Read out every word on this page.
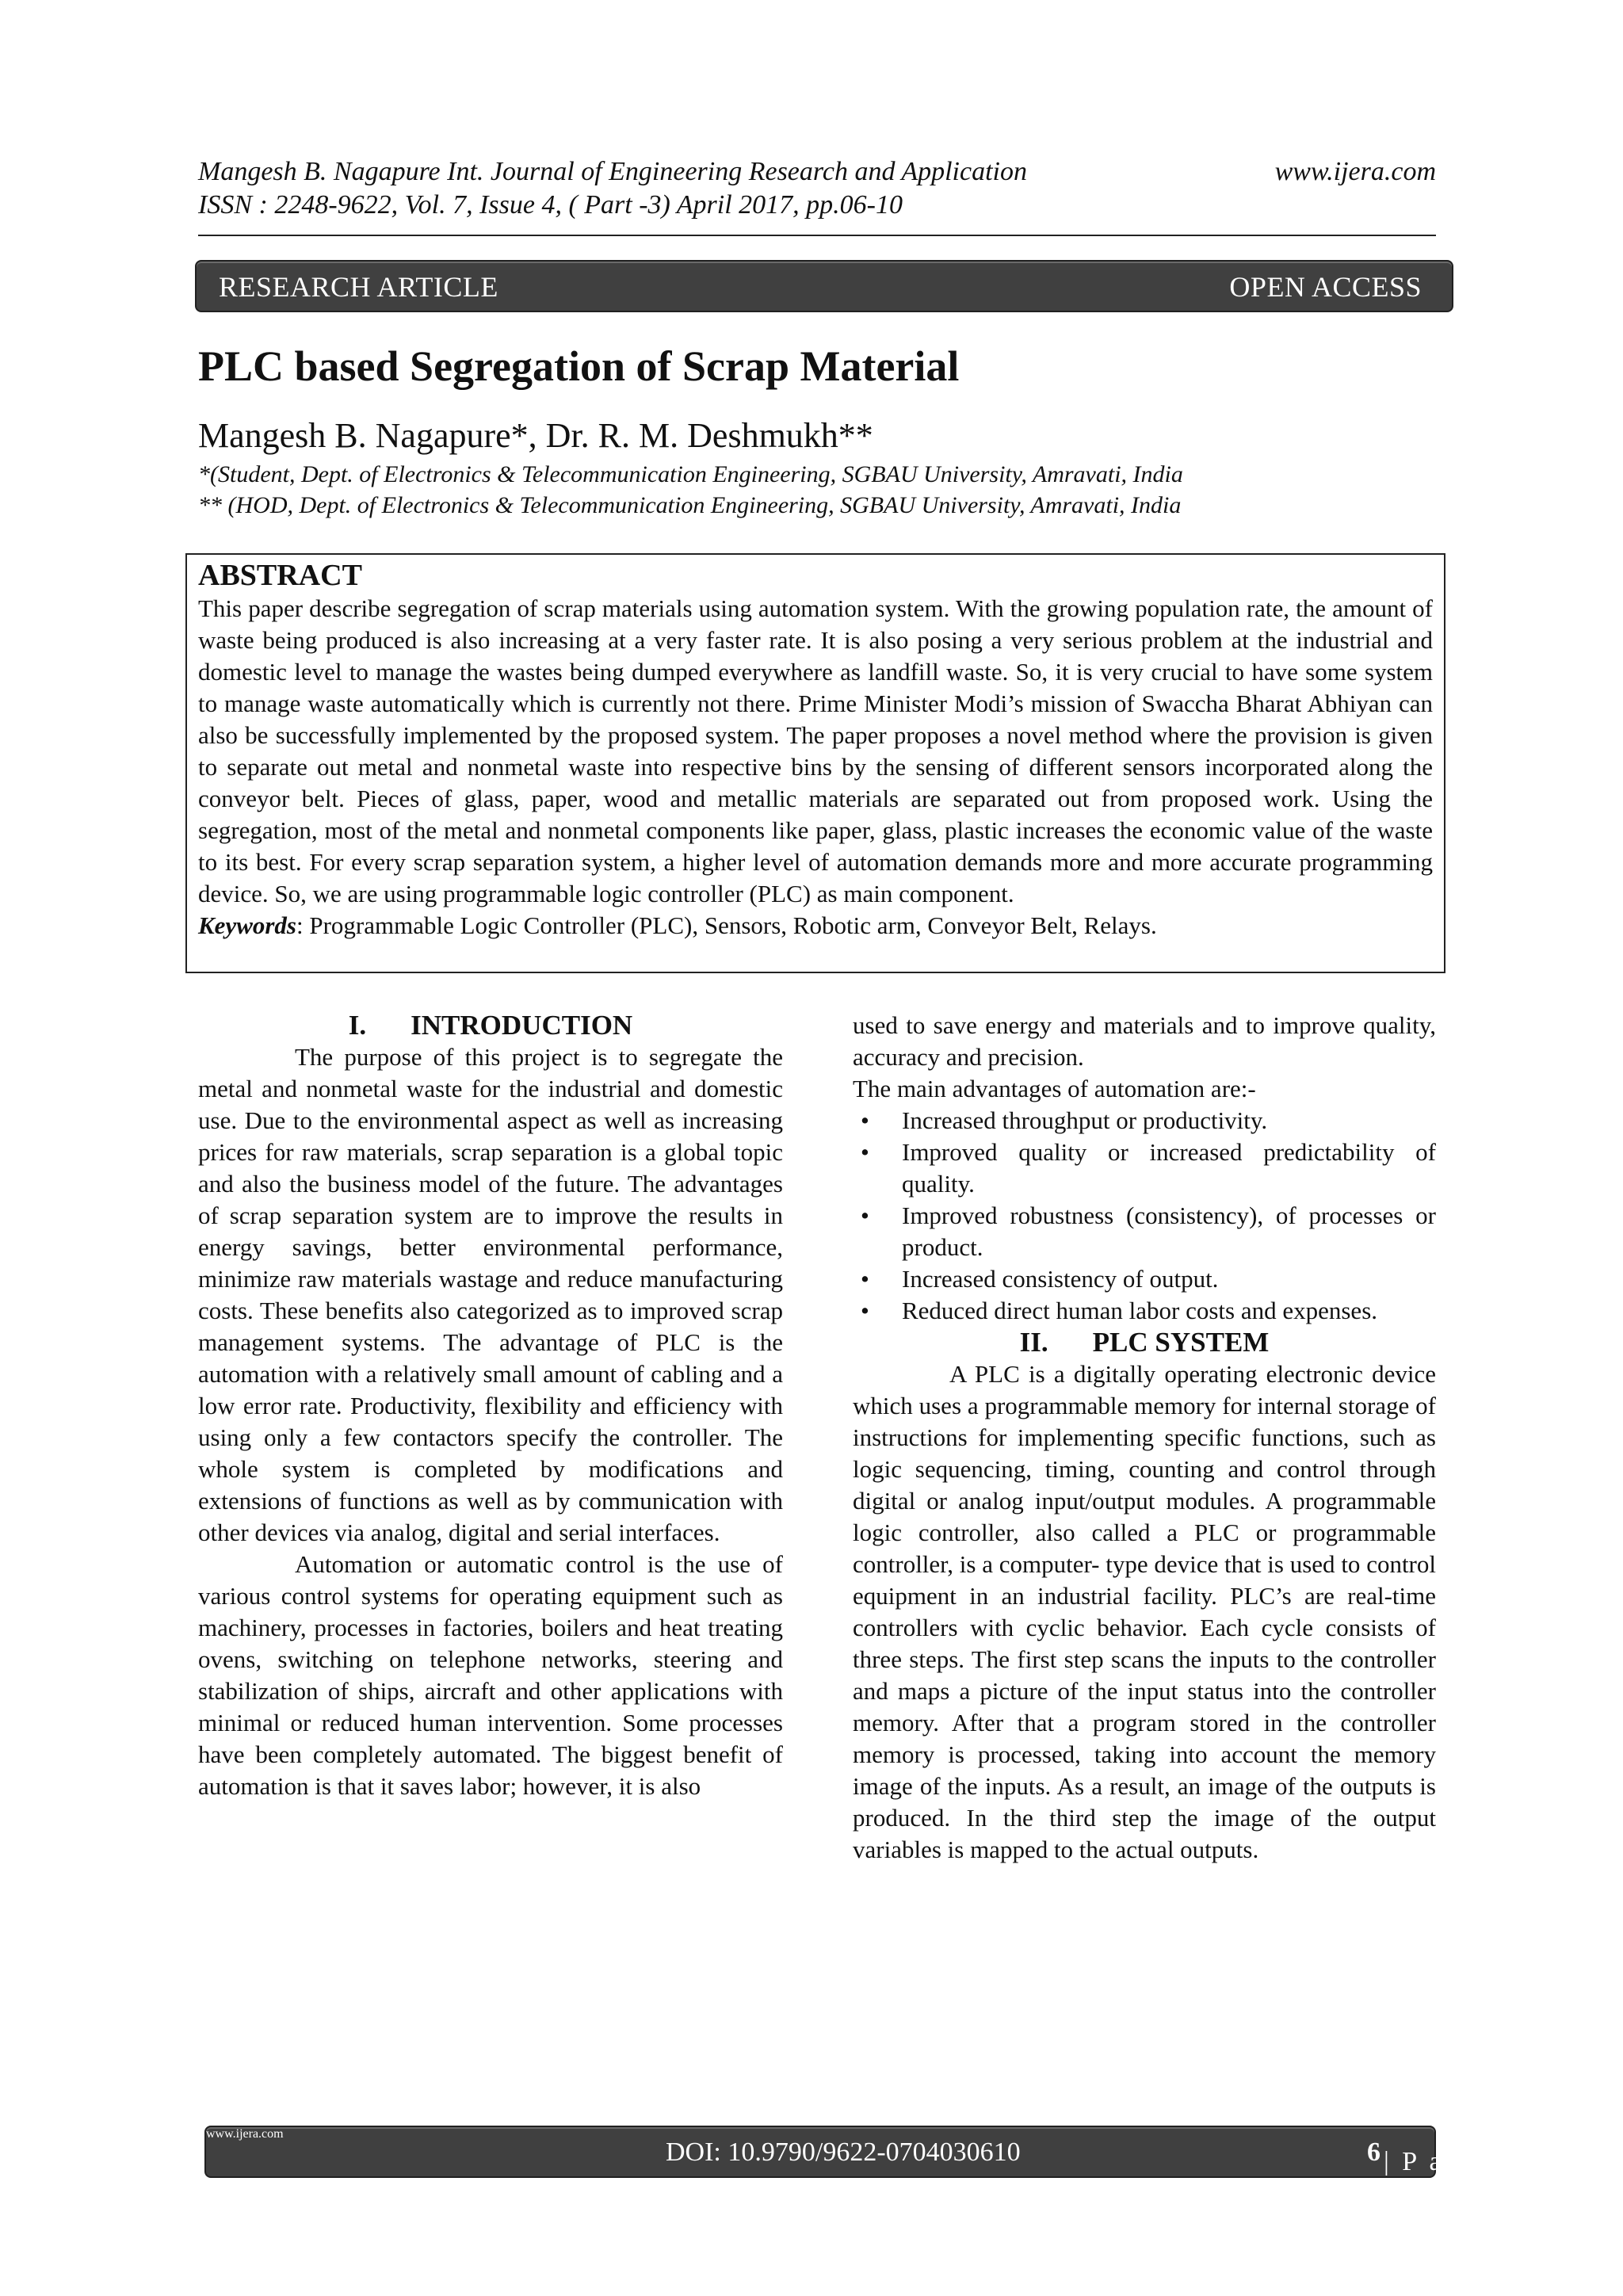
Mangesh B. Nagapure Int. Journal of Engineering Research and Application
ISSN : 2248-9622, Vol. 7, Issue 4, ( Part -3) April 2017, pp.06-10
www.ijera.com
RESEARCH ARTICLE	OPEN ACCESS
PLC based Segregation of Scrap Material
Mangesh B. Nagapure*, Dr. R. M. Deshmukh**
*(Student, Dept. of Electronics & Telecommunication Engineering, SGBAU University, Amravati, India
** (HOD, Dept. of Electronics & Telecommunication Engineering, SGBAU University, Amravati, India
ABSTRACT

This paper describe segregation of scrap materials using automation system. With the growing population rate, the amount of waste being produced is also increasing at a very faster rate. It is also posing a very serious problem at the industrial and domestic level to manage the wastes being dumped everywhere as landfill waste. So, it is very crucial to have some system to manage waste automatically which is currently not there. Prime Minister Modi’s mission of Swaccha Bharat Abhiyan can also be successfully implemented by the proposed system. The paper proposes a novel method where the provision is given to separate out metal and nonmetal waste into respective bins by the sensing of different sensors incorporated along the conveyor belt. Pieces of glass, paper, wood and metallic materials are separated out from proposed work. Using the segregation, most of the metal and nonmetal components like paper, glass, plastic increases the economic value of the waste to its best. For every scrap separation system, a higher level of automation demands more and more accurate programming device. So, we are using programmable logic controller (PLC) as main component.

Keywords: Programmable Logic Controller (PLC), Sensors, Robotic arm, Conveyor Belt, Relays.

I. INTRODUCTION

The purpose of this project is to segregate the metal and nonmetal waste for the industrial and domestic use. Due to the environmental aspect as well as increasing prices for raw materials, scrap separation is a global topic and also the business model of the future. The advantages of scrap separation system are to improve the results in energy savings, better environmental performance, minimize raw materials wastage and reduce manufacturing costs. These benefits also categorized as to improved scrap management systems. The advantage of PLC is the automation with a relatively small amount of cabling and a low error rate. Productivity, flexibility and efficiency with using only a few contactors specify the controller. The whole system is completed by modifications and extensions of functions as well as by communication with other devices via analog, digital and serial interfaces.

Automation or automatic control is the use of various control systems for operating equipment such as machinery, processes in factories, boilers and heat treating ovens, switching on telephone networks, steering and stabilization of ships, aircraft and other applications with minimal or reduced human intervention. Some processes have been completely automated. The biggest benefit of automation is that it saves labor; however, it is also

used to save energy and materials and to improve quality, accuracy and precision.

The main advantages of automation are:-

• Increased throughput or productivity.
• Improved quality or increased predictability of quality.
• Improved robustness (consistency), of processes or product.
• Increased consistency of output.
• Reduced direct human labor costs and expenses.

II. PLC SYSTEM

A PLC is a digitally operating electronic device which uses a programmable memory for internal storage of instructions for implementing specific functions, such as logic sequencing, timing, counting and control through digital or analog input/output modules. A programmable logic controller, also called a PLC or programmable controller, is a computer- type device that is used to control equipment in an industrial facility. PLC’s are real-time controllers with cyclic behavior. Each cycle consists of three steps. The first step scans the inputs to the controller and maps a picture of the input status into the controller memory. After that a program stored in the controller memory is processed, taking into account the memory image of the inputs. As a result, an image of the outputs is produced. In the third step the image of the output variables is mapped to the actual outputs.

www.ijera.com
DOI: 10.9790/9622-0704030610	6 | P a g e
